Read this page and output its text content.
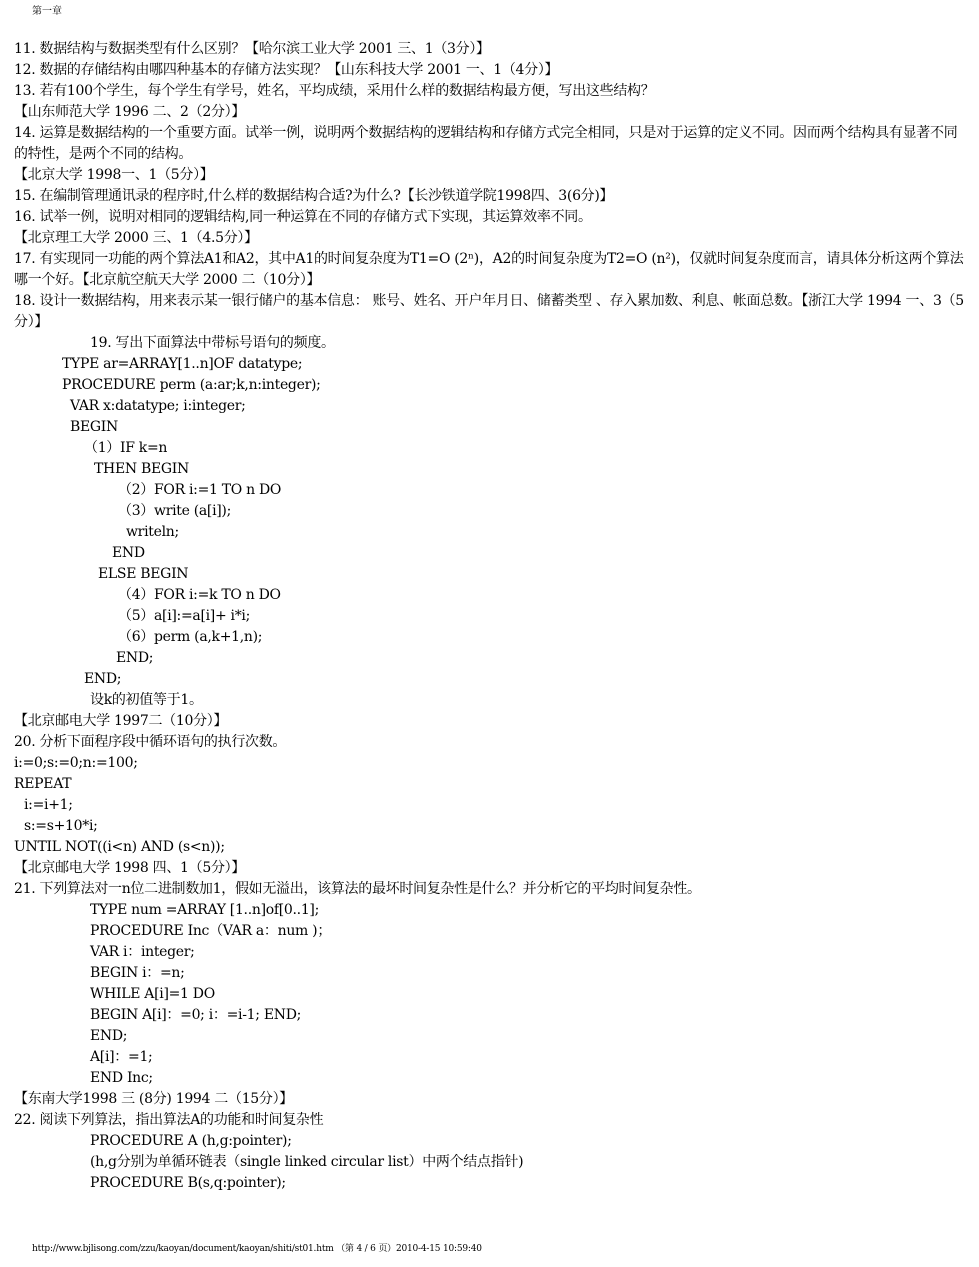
第一章
11. 数据结构与数据类型有什么区别？【哈尔滨工业大学 2001 三、1（3分）】
12. 数据的存储结构由哪四种基本的存储方法实现？【山东科技大学 2001 一、1（4分）】
13. 若有100个学生，每个学生有学号，姓名，平均成绩，采用什么样的数据结构最方便，写出这些结构？
【山东师范大学 1996 二、2（2分）】
14. 运算是数据结构的一个重要方面。试举一例，说明两个数据结构的逻辑结构和存储方式完全相同，只是对于运算的定义不同。因而两个结构具有显著不同的特性，是两个不同的结构。
【北京大学 1998一、1（5分）】
15. 在编制管理通讯录的程序时,什么样的数据结构合适?为什么?【长沙铁道学院1998四、3(6分)】
16. 试举一例，说明对相同的逻辑结构,同一种运算在不同的存储方式下实现，其运算效率不同。
【北京理工大学 2000 三、1（4.5分）】
17. 有实现同一功能的两个算法A1和A2，其中A1的时间复杂度为T1=O (2ⁿ)，A2的时间复杂度为T2=O (n²)，仅就时间复杂度而言，请具体分析这两个算法哪一个好。【北京航空航天大学 2000 二（10分）】
18. 设计一数据结构，用来表示某一银行储户的基本信息： 账号、姓名、开户年月日、储蓄类型 、存入累加数、利息、帐面总数。【浙江大学 1994 一、3（5分）】
19. 写出下面算法中带标号语句的频度。
TYPE ar=ARRAY[1..n]OF datatype;
PROCEDURE perm (a:ar;k,n:integer);
VAR x:datatype; i:integer;
BEGIN
（1）IF k=n
THEN BEGIN
（2）FOR i:=1 TO n DO
（3）write (a[i]);
writeln;
END
ELSE BEGIN
（4）FOR i:=k TO n DO
（5）a[i]:=a[i]+ i*i;
（6）perm (a,k+1,n);
END;
END;
设k的初值等于1。
【北京邮电大学 1997二（10分）】
20. 分析下面程序段中循环语句的执行次数。
i:=0;s:=0;n:=100;
REPEAT
i:=i+1;
s:=s+10*i;
UNTIL NOT((i<n) AND (s<n));
【北京邮电大学 1998 四、1（5分）】
21. 下列算法对一n位二进制数加1，假如无溢出，该算法的最坏时间复杂性是什么？并分析它的平均时间复杂性。
TYPE num =ARRAY [1..n]of[0..1];
PROCEDURE Inc（VAR a：num )；
VAR i：integer;
BEGIN i：=n;
WHILE A[i]=1 DO
BEGIN A[i]：=0; i：=i-1; END;
END;
A[i]：=1;
END Inc;
【东南大学1998 三 (8分) 1994 二（15分）】
22. 阅读下列算法，指出算法A的功能和时间复杂性
PROCEDURE A (h,g:pointer);
(h,g分别为单循环链表（single linked circular list）中两个结点指针)
PROCEDURE B(s,q:pointer);
http://www.bjlisong.com/zzu/kaoyan/document/kaoyan/shiti/st01.htm （第 4 / 6 页）2010-4-15 10:59:40
